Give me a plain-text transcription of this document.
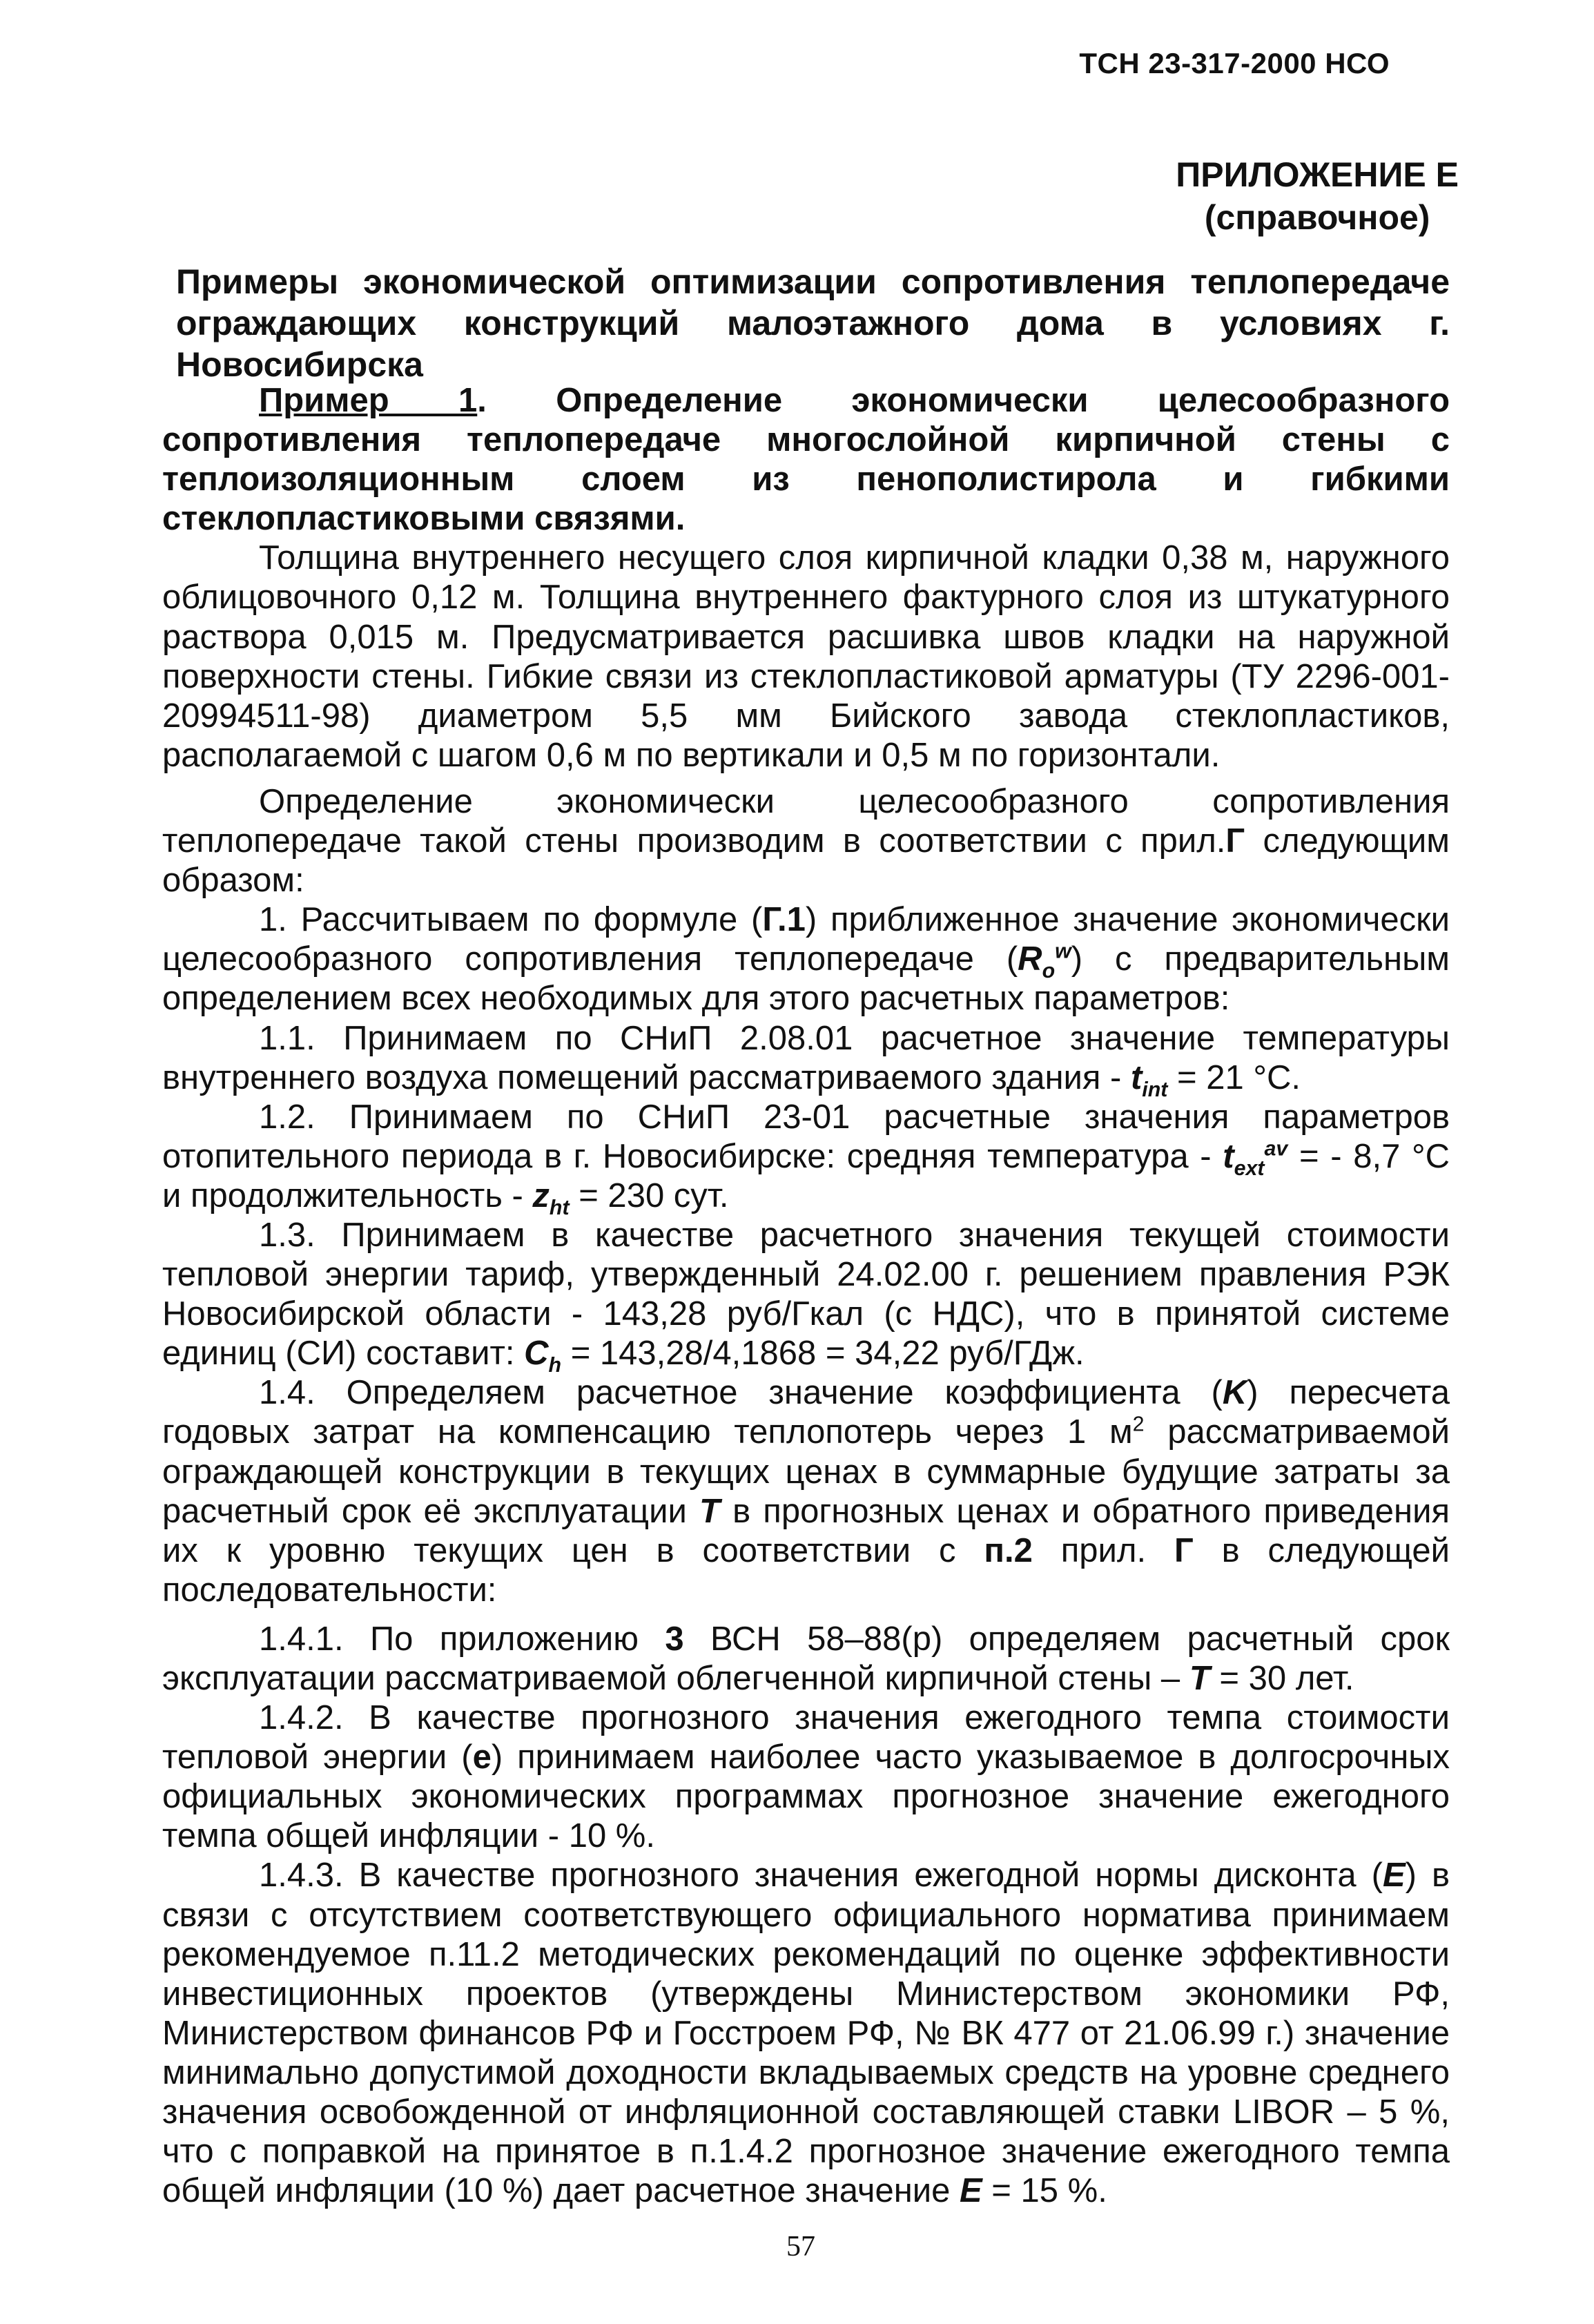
ТСН 23-317-2000 НСО
ПРИЛОЖЕНИЕ Е
(справочное)

Примеры экономической оптимизации сопротивления теплопередаче ограждающих конструкций малоэтажного дома в условиях г. Новосибирска

Пример 1. Определение экономически целесообразного сопротивления теплопередаче многослойной кирпичной стены с теплоизоляционным слоем из пенополистирола и гибкими стеклопластиковыми связями.

Толщина внутреннего несущего слоя кирпичной кладки 0,38 м, наружного облицовочного 0,12 м. Толщина внутреннего фактурного слоя из штукатурного раствора 0,015 м. Предусматривается расшивка швов кладки на наружной поверхности стены. Гибкие связи из стеклопластиковой арматуры (ТУ 2296-001-20994511-98) диаметром 5,5 мм Бийского завода стеклопластиков, располагаемой с шагом 0,6 м по вертикали и 0,5 м по горизонтали.

Определение экономически целесообразного сопротивления теплопередаче такой стены производим в соответствии с прил.Г следующим образом:

1. Рассчитываем по формуле (Г.1) приближенное значение экономически целесообразного сопротивления теплопередаче $(R_o^w)$ с предварительным определением всех необходимых для этого расчетных параметров:

1.1. Принимаем по СНиП 2.08.01 расчетное значение температуры внутреннего воздуха помещений рассматриваемого здания - $t_{int} = 21$ °С.

1.2. Принимаем по СНиП 23-01 расчетные значения параметров отопительного периода в г. Новосибирске: средняя температура - $t_{ext}^{av}$ = - 8,7 °С и продолжительность - $z_{ht} = 230$ сут.

1.3. Принимаем в качестве расчетного значения текущей стоимости тепловой энергии тариф, утвержденный 24.02.00 г. решением правления РЭК Новосибирской области - 143,28 руб/Гкал (с НДС), что в принятой системе единиц (СИ) составит: $C_h = 143,28/4,1868 = 34,22$ руб/ГДж.

1.4. Определяем расчетное значение коэффициента (K) пересчета годовых затрат на компенсацию теплопотерь через 1 $м^2$ рассматриваемой ограждающей конструкции в текущих ценах в суммарные будущие затраты за расчетный срок её эксплуатации T в прогнозных ценах и обратного приведения их к уровню текущих цен в соответствии с п.2 прил. Г в следующей последовательности:

1.4.1. По приложению 3 ВСН 58–88(р) определяем расчетный срок эксплуатации рассматриваемой облегченной кирпичной стены – T = 30 лет.

1.4.2. В качестве прогнозного значения ежегодного темпа стоимости тепловой энергии (е) принимаем наиболее часто указываемое в долгосрочных официальных экономических программах прогнозное значение ежегодного темпа общей инфляции - 10 %.

1.4.3. В качестве прогнозного значения ежегодной нормы дисконта (E) в связи с отсутствием соответствующего официального норматива принимаем рекомендуемое п.11.2 методических рекомендаций по оценке эффективности инвестиционных проектов (утверждены Министерством экономики РФ, Министерством финансов РФ и Госстроем РФ, № ВК 477 от 21.06.99 г.) значение минимально допустимой доходности вкладываемых средств на уровне среднего значения освобожденной от инфляционной составляющей ставки LIBOR – 5 %, что с поправкой на принятое в п.1.4.2 прогнозное значение ежегодного темпа общей инфляции (10 %) дает расчетное значение E = 15 %.

57
